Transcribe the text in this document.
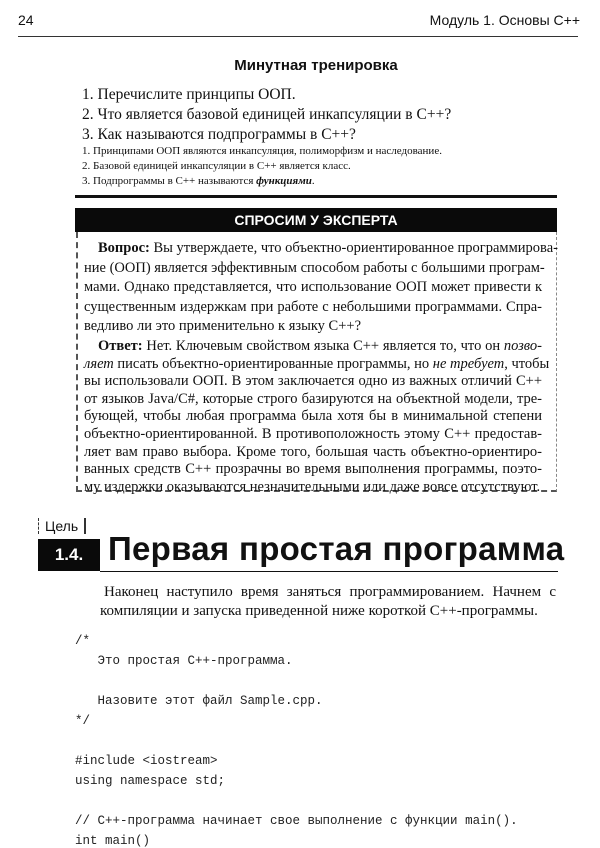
24	Модуль 1. Основы C++
Минутная тренировка
1. Перечислите принципы ООП.
2. Что является базовой единицей инкапсуляции в C++?
3. Как называются подпрограммы в C++?
1. Принципами ООП являются инкапсуляция, полиморфизм и наследование.
2. Базовой единицей инкапсуляции в C++ является класс.
3. Подпрограммы в C++ называются функциями.
СПРОСИМ У ЭКСПЕРТА
Вопрос: Вы утверждаете, что объектно-ориентированное программирова-
ние (ООП) является эффективным способом работы с большими програм-
мами. Однако представляется, что использование ООП может привести к
существенным издержкам при работе с небольшими программами. Спра-
ведливо ли это применительно к языку C++?
Ответ: Нет. Ключевым свойством языка C++ является то, что он позво-
ляет писать объектно-ориентированные программы, но не требует, чтобы
вы использовали ООП. В этом заключается одно из важных отличий C++
от языков Java/C#, которые строго базируются на объектной модели, тре-
бующей, чтобы любая программа была хотя бы в минимальной степени
объектно-ориентированной. В противоположность этому C++ предостав-
ляет вам право выбора. Кроме того, большая часть объектно-ориентиро-
ванных средств C++ прозрачны во время выполнения программы, поэто-
му издержки оказываются незначительными или даже вовсе отсутствуют.
Цель
1.4. Первая простая программа
Наконец наступило время заняться программированием. Начнем с
компиляции и запуска приведенной ниже короткой C++-программы.
/*
Это простая C++-программа.
Назовите этот файл Sample.cpp.
*/
#include <iostream>
using namespace std;
// C++-программа начинает свое выполнение с функции main().
int main()
